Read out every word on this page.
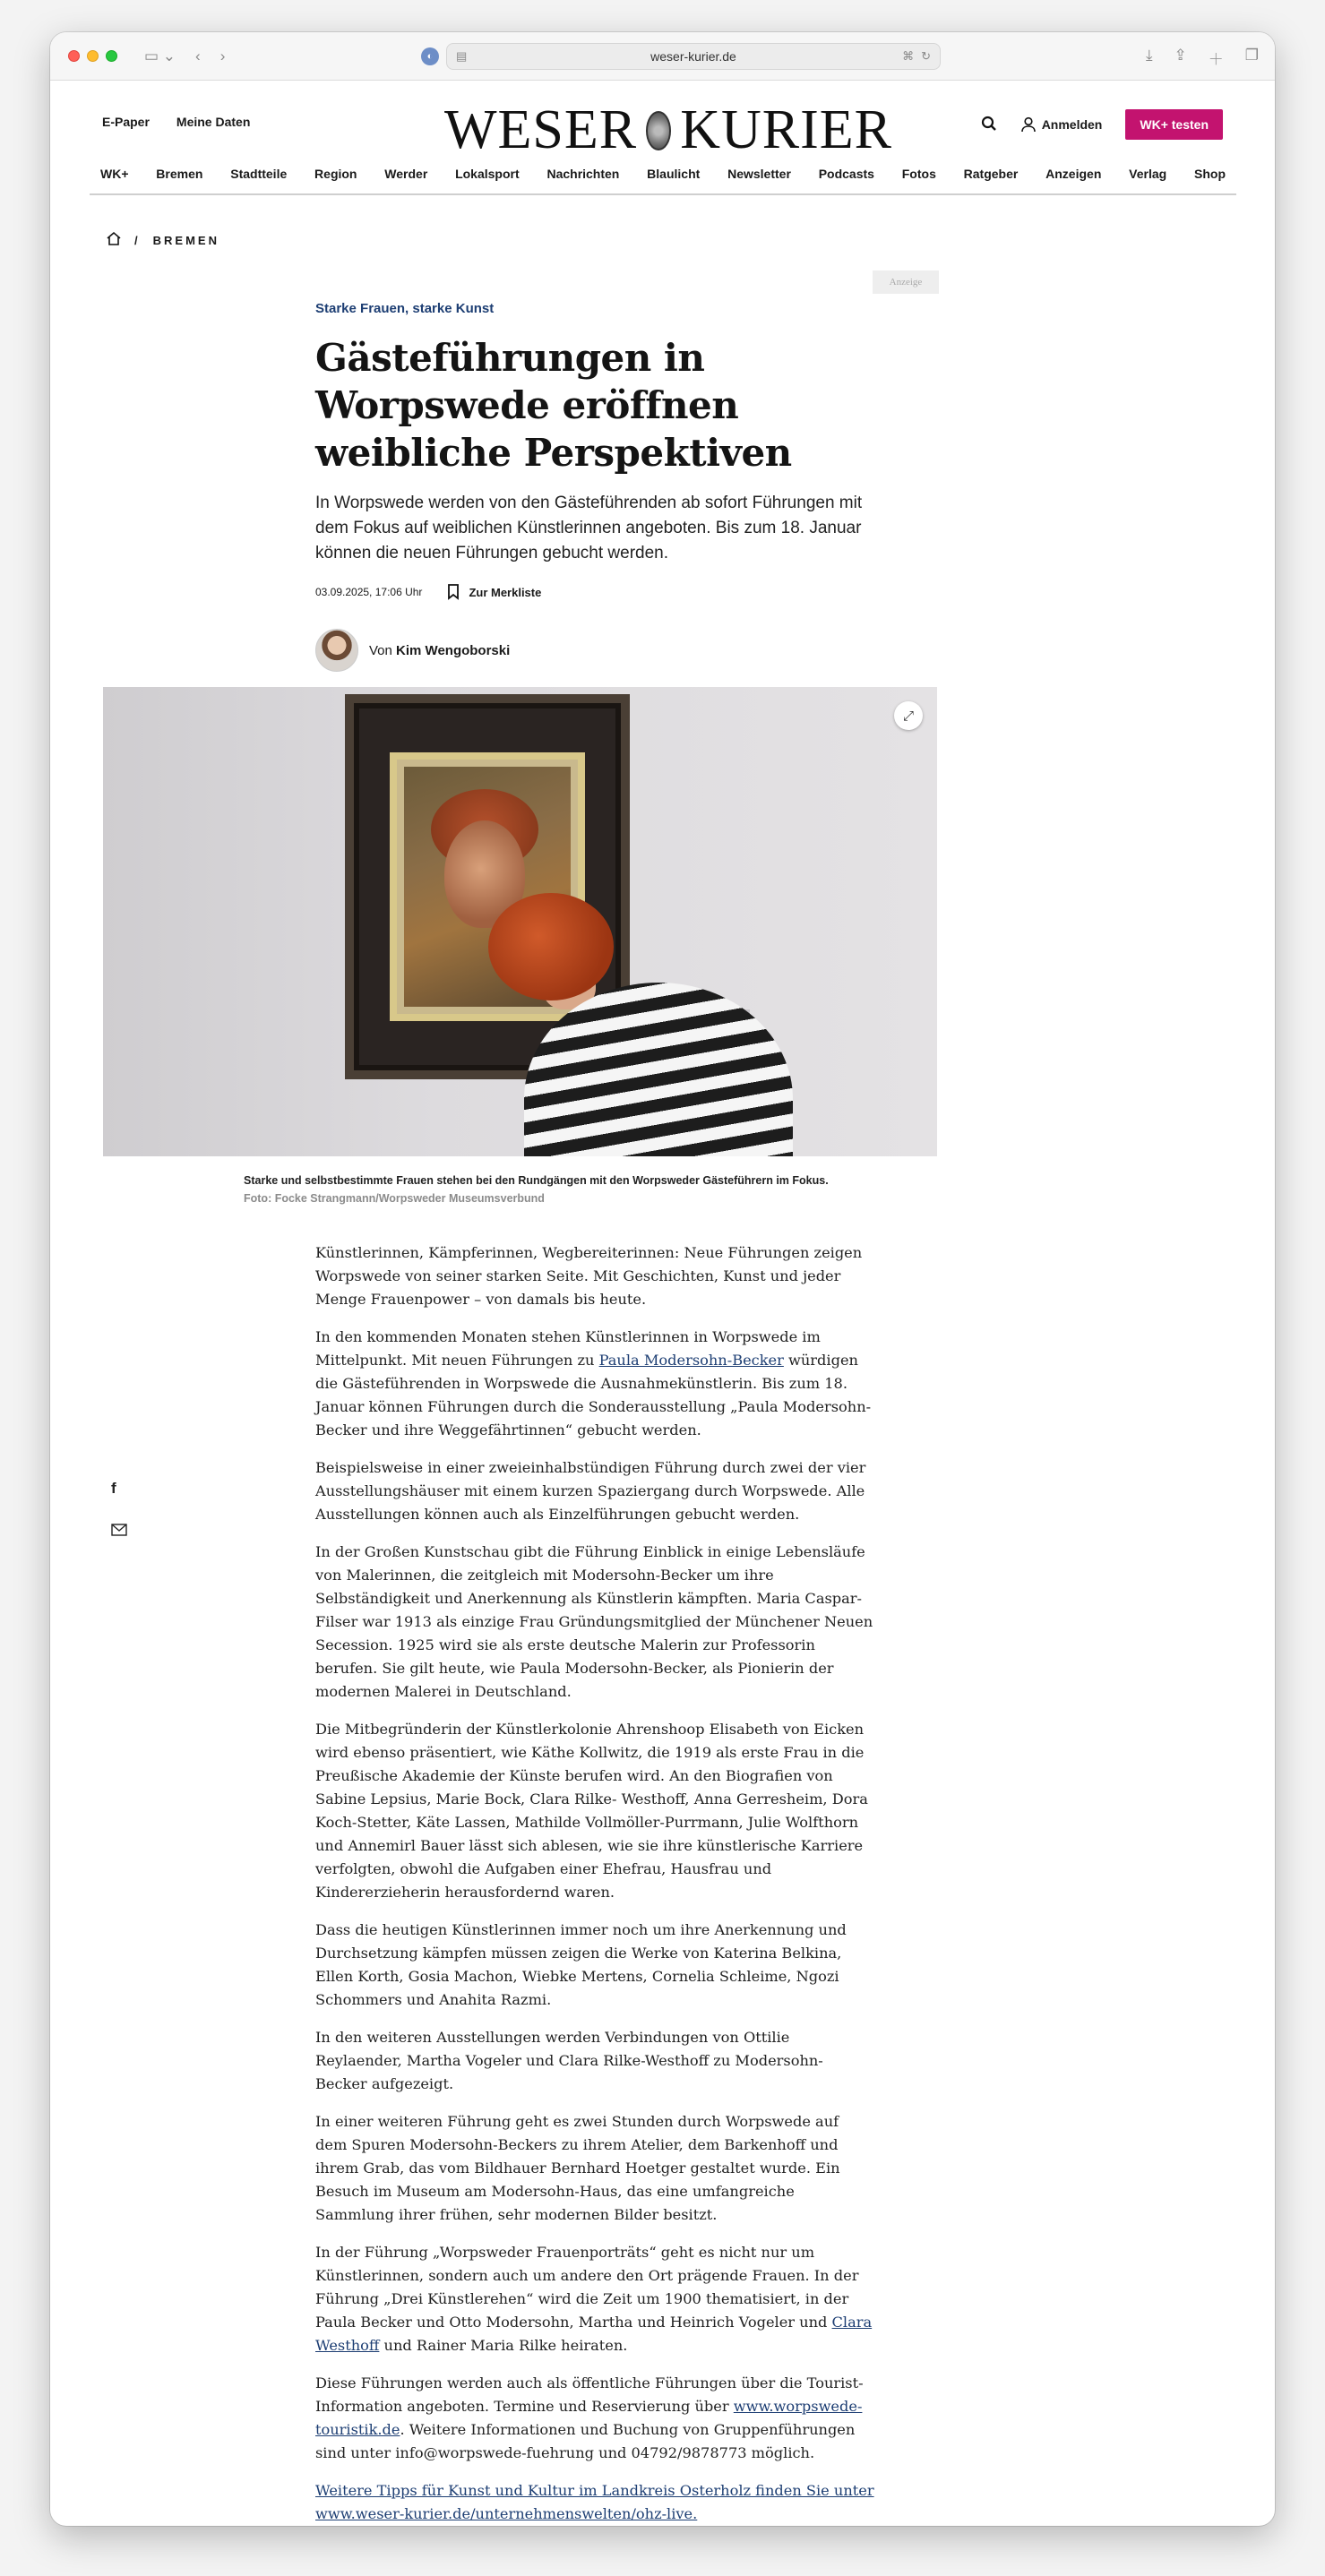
▭ ⌄ ‹ ›	◐	▤	weser-kurier.de	⌘ ↻	⤓ ⇪ ＋ ❐
E-Paper Meine Daten	WESER KURIER	Anmelden	WK+ testen
WK+ Bremen Stadtteile Region Werder Lokalsport Nachrichten Blaulicht Newsletter Podcasts Fotos Ratgeber Anzeigen Verlag Shop
/ BREMEN
Anzeige
Starke Frauen, starke Kunst
Gästeführungen in Worpswede eröffnen weibliche Perspektiven

In Worpswede werden von den Gästeführenden ab sofort Führungen mit dem Fokus auf weiblichen Künstlerinnen angeboten. Bis zum 18. Januar können die neuen Führungen gebucht werden.

03.09.2025, 17:06 Uhr	Zur Merkliste
Von Kim Wengoborski
⤢
Starke und selbstbestimmte Frauen stehen bei den Rundgängen mit den Worpsweder Gästeführern im Fokus.
Foto: Focke Strangmann/Worpsweder Museumsverbund
f

Künstlerinnen, Kämpferinnen, Wegbereiterinnen: Neue Führungen zeigen Worpswede von seiner starken Seite. Mit Geschichten, Kunst und jeder Menge Frauenpower – von damals bis heute.

In den kommenden Monaten stehen Künstlerinnen in Worpswede im Mittelpunkt. Mit neuen Führungen zu Paula Modersohn-Becker würdigen die Gästeführenden in Worpswede die Ausnahmekünstlerin. Bis zum 18. Januar können Führungen durch die Sonderausstellung „Paula Modersohn-Becker und ihre Weggefährtinnen“ gebucht werden.

Beispielsweise in einer zweieinhalbstündigen Führung durch zwei der vier Ausstellungshäuser mit einem kurzen Spaziergang durch Worpswede. Alle Ausstellungen können auch als Einzelführungen gebucht werden.

In der Großen Kunstschau gibt die Führung Einblick in einige Lebensläufe von Malerinnen, die zeitgleich mit Modersohn-Becker um ihre Selbständigkeit und Anerkennung als Künstlerin kämpften. Maria Caspar-Filser war 1913 als einzige Frau Gründungsmitglied der Münchener Neuen Secession. 1925 wird sie als erste deutsche Malerin zur Professorin berufen. Sie gilt heute, wie Paula Modersohn-Becker, als Pionierin der modernen Malerei in Deutschland.

Die Mitbegründerin der Künstlerkolonie Ahrenshoop Elisabeth von Eicken wird ebenso präsentiert, wie Käthe Kollwitz, die 1919 als erste Frau in die Preußische Akademie der Künste berufen wird. An den Biografien von Sabine Lepsius, Marie Bock, Clara Rilke- Westhoff, Anna Gerresheim, Dora Koch-Stetter, Käte Lassen, Mathilde Vollmöller-Purrmann, Julie Wolfthorn und Annemirl Bauer lässt sich ablesen, wie sie ihre künstlerische Karriere verfolgten, obwohl die Aufgaben einer Ehefrau, Hausfrau und Kindererzieherin herausfordernd waren.

Dass die heutigen Künstlerinnen immer noch um ihre Anerkennung und Durchsetzung kämpfen müssen zeigen die Werke von Katerina Belkina, Ellen Korth, Gosia Machon, Wiebke Mertens, Cornelia Schleime, Ngozi Schommers und Anahita Razmi.

In den weiteren Ausstellungen werden Verbindungen von Ottilie Reylaender, Martha Vogeler und Clara Rilke-Westhoff zu Modersohn-Becker aufgezeigt.

In einer weiteren Führung geht es zwei Stunden durch Worpswede auf dem Spuren Modersohn-Beckers zu ihrem Atelier, dem Barkenhoff und ihrem Grab, das vom Bildhauer Bernhard Hoetger gestaltet wurde. Ein Besuch im Museum am Modersohn-Haus, das eine umfangreiche Sammlung ihrer frühen, sehr modernen Bilder besitzt.

In der Führung „Worpsweder Frauenporträts“ geht es nicht nur um Künstlerinnen, sondern auch um andere den Ort prägende Frauen. In der Führung „Drei Künstlerehen“ wird die Zeit um 1900 thematisiert, in der Paula Becker und Otto Modersohn, Martha und Heinrich Vogeler und Clara Westhoff und Rainer Maria Rilke heiraten.

Diese Führungen werden auch als öffentliche Führungen über die Tourist-Information angeboten. Termine und Reservierung über www.worpswede-touristik.de. Weitere Informationen und Buchung von Gruppenführungen sind unter info@worpswede-fuehrung und 04792/9878773 möglich.

Weitere Tipps für Kunst und Kultur im Landkreis Osterholz finden Sie unter www.weser-kurier.de/unternehmenswelten/ohz-live.
